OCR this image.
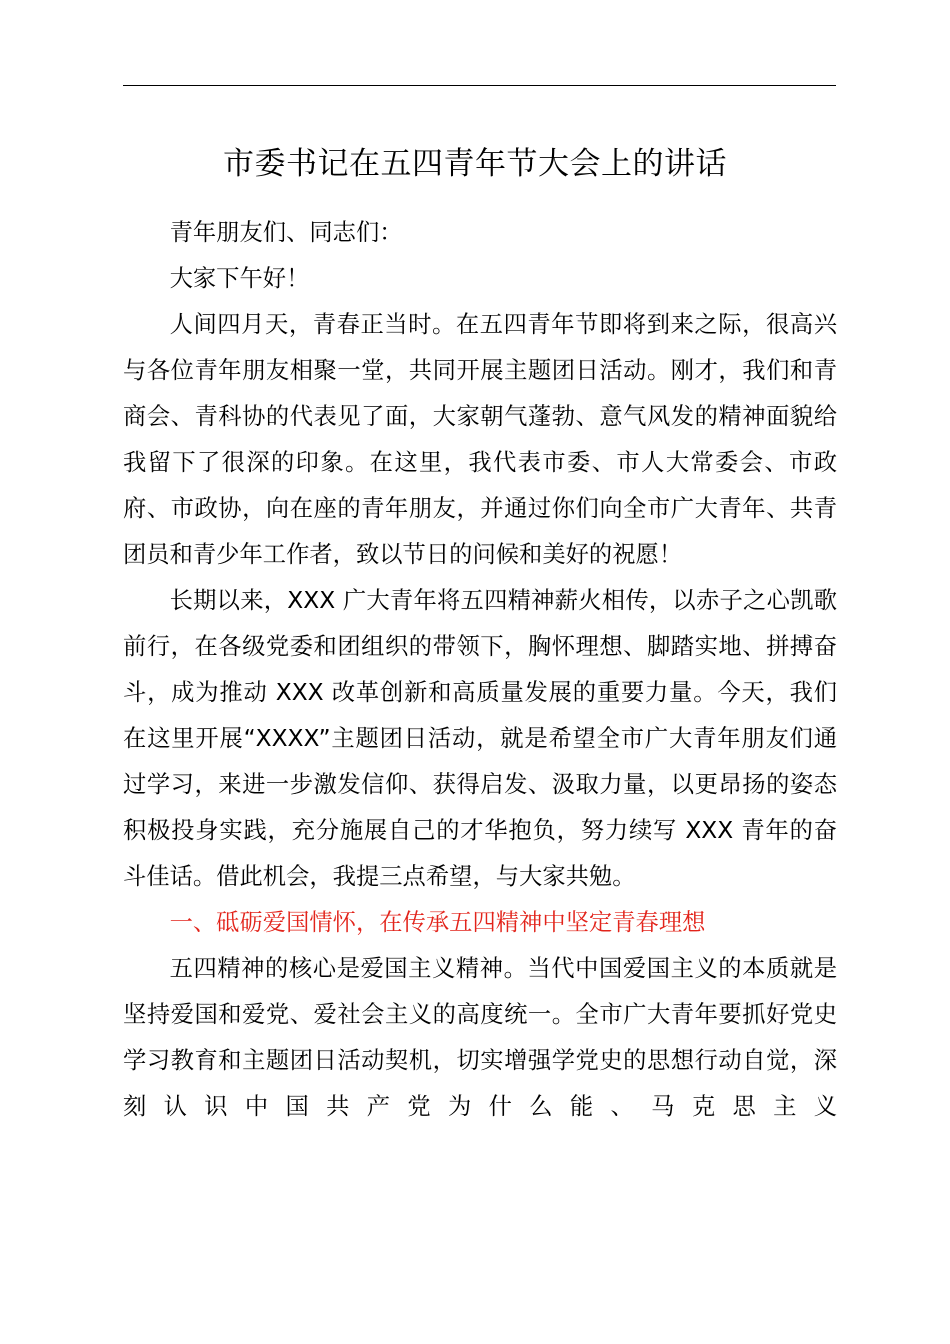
市委书记在五四青年节大会上的讲话

青年朋友们、同志们：

大家下午好！

人间四月天，青春正当时。在五四青年节即将到来之际，很高兴与各位青年朋友相聚一堂，共同开展主题团日活动。刚才，我们和青商会、青科协的代表见了面，大家朝气蓬勃、意气风发的精神面貌给我留下了很深的印象。在这里，我代表市委、市人大常委会、市政府、市政协，向在座的青年朋友，并通过你们向全市广大青年、共青团员和青少年工作者，致以节日的问候和美好的祝愿！

长期以来，XXX 广大青年将五四精神薪火相传，以赤子之心凯歌前行，在各级党委和团组织的带领下，胸怀理想、脚踏实地、拼搏奋斗，成为推动 XXX 改革创新和高质量发展的重要力量。今天，我们在这里开展“XXXX”主题团日活动，就是希望全市广大青年朋友们通过学习，来进一步激发信仰、获得启发、汲取力量，以更昂扬的姿态积极投身实践，充分施展自己的才华抱负，努力续写 XXX 青年的奋斗佳话。借此机会，我提三点希望，与大家共勉。

一、砥砺爱国情怀，在传承五四精神中坚定青春理想

五四精神的核心是爱国主义精神。当代中国爱国主义的本质就是坚持爱国和爱党、爱社会主义的高度统一。全市广大青年要抓好党史学习教育和主题团日活动契机，切实增强学党史的思想行动自觉，深刻认识中国共产党为什么能、马克思主义
